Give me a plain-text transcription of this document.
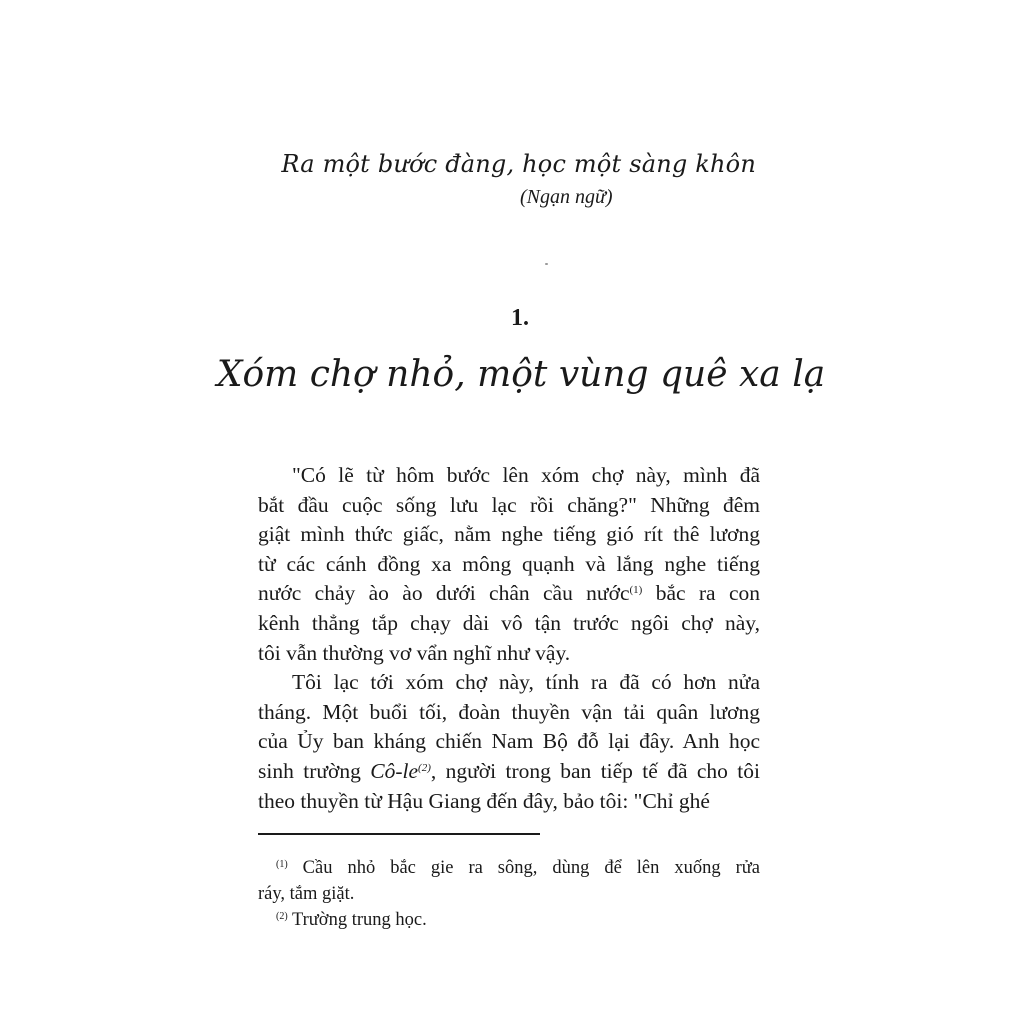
Ra một bước đàng, học một sàng khôn
(Ngạn ngữ)
1.
Xóm chợ nhỏ, một vùng quê xa lạ

"Có lẽ từ hôm bước lên xóm chợ này, mình đã
bắt đầu cuộc sống lưu lạc rồi chăng?" Những đêm
giật mình thức giấc, nằm nghe tiếng gió rít thê lương
từ các cánh đồng xa mông quạnh và lắng nghe tiếng
nước chảy ào ào dưới chân cầu nước$^{(1)}$ bắc ra con
kênh thẳng tắp chạy dài vô tận trước ngôi chợ này,
tôi vẫn thường vơ vẩn nghĩ như vậy.

Tôi lạc tới xóm chợ này, tính ra đã có hơn nửa
tháng. Một buổi tối, đoàn thuyền vận tải quân lương
của Ủy ban kháng chiến Nam Bộ đỗ lại đây. Anh học
sinh trường $Cô-le^{(2)}$, người trong ban tiếp tế đã cho tôi
theo thuyền từ Hậu Giang đến đây, bảo tôi: "Chỉ ghé

$^{(1)}$ Cầu nhỏ bắc gie ra sông, dùng để lên xuống rửa
ráy, tắm giặt.
$^{(2)}$ Trường trung học.
